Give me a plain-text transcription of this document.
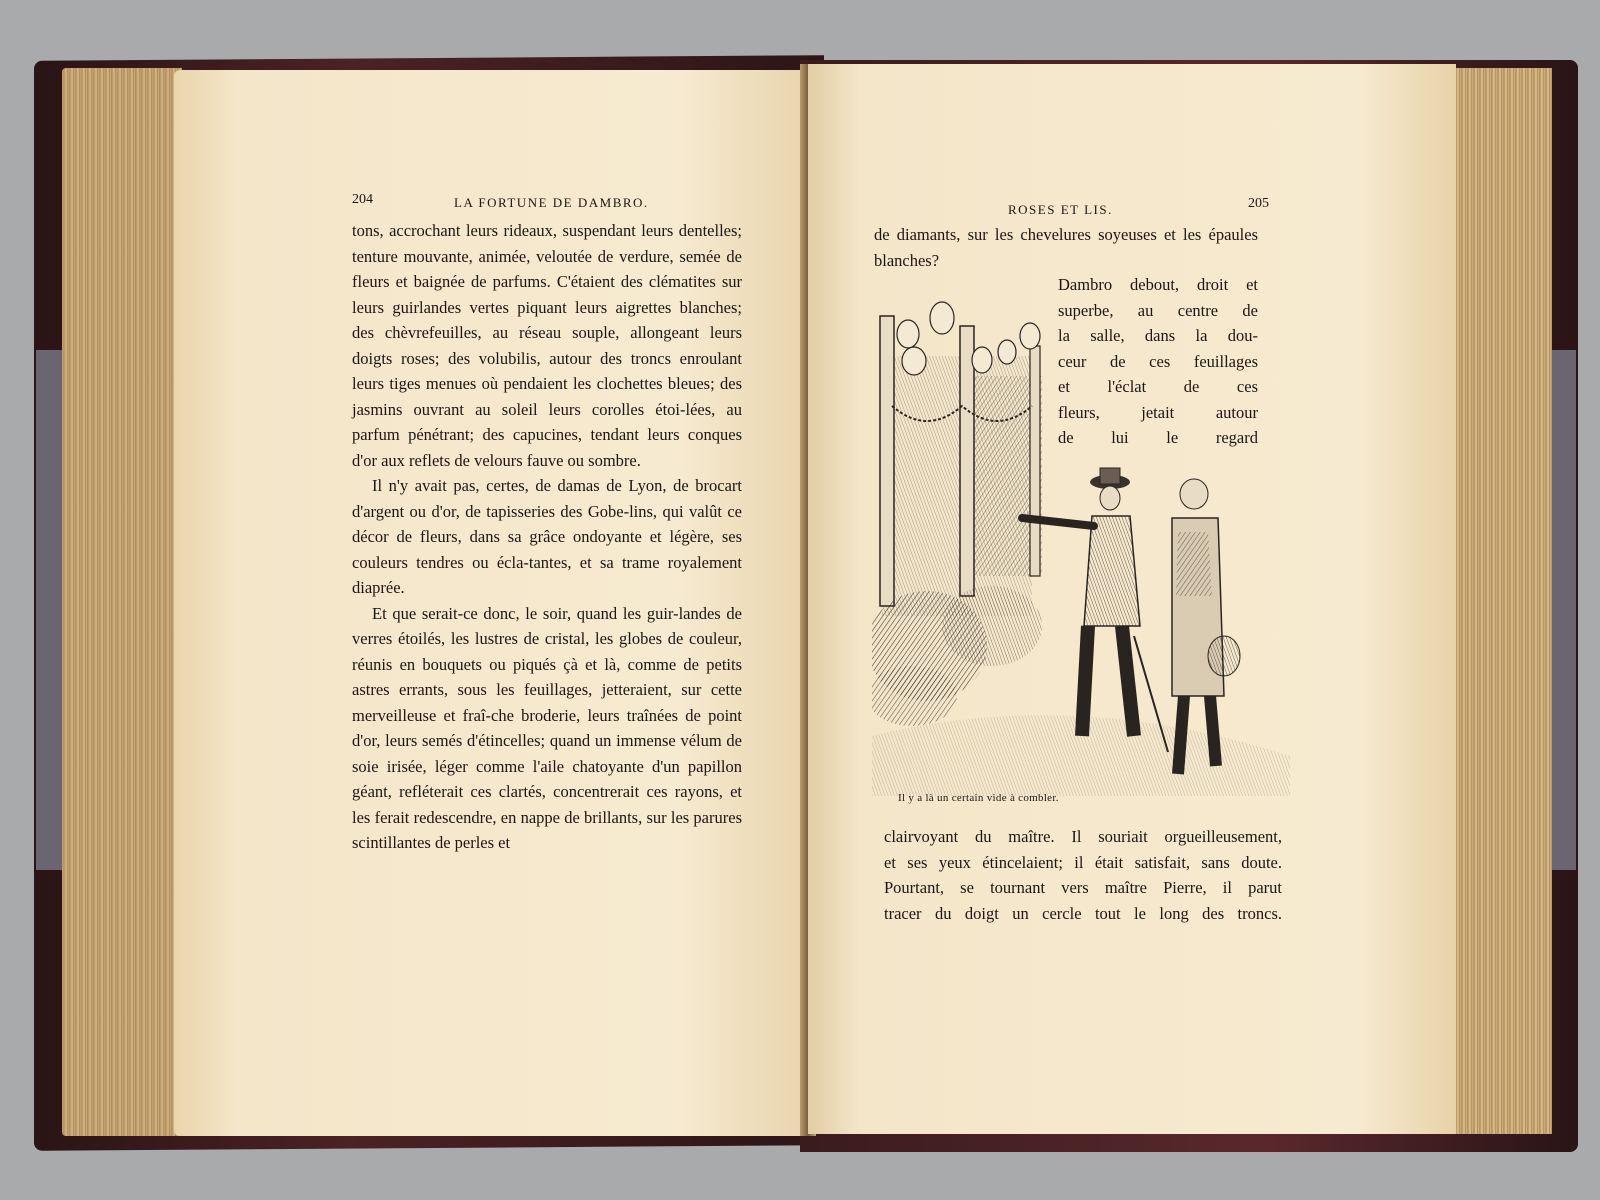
204	LA FORTUNE DE DAMBRO.

tons, accrochant leurs rideaux, suspendant leurs dentelles; tenture mouvante, animée, veloutée de verdure, semée de fleurs et baignée de parfums. C'étaient des clématites sur leurs guirlandes vertes piquant leurs aigrettes blanches; des chèvrefeuilles, au réseau souple, allongeant leurs doigts roses; des volubilis, autour des troncs enroulant leurs tiges menues où pendaient les clochettes bleues; des jasmins ouvrant au soleil leurs corolles étoi-lées, au parfum pénétrant; des capucines, tendant leurs conques d'or aux reflets de velours fauve ou sombre.

Il n'y avait pas, certes, de damas de Lyon, de brocart d'argent ou d'or, de tapisseries des Gobe-lins, qui valût ce décor de fleurs, dans sa grâce ondoyante et légère, ses couleurs tendres ou écla-tantes, et sa trame royalement diaprée.

Et que serait-ce donc, le soir, quand les guir-landes de verres étoilés, les lustres de cristal, les globes de couleur, réunis en bouquets ou piqués çà et là, comme de petits astres errants, sous les feuillages, jetteraient, sur cette merveilleuse et fraî-che broderie, leurs traînées de point d'or, leurs semés d'étincelles; quand un immense vélum de soie irisée, léger comme l'aile chatoyante d'un papillon géant, refléterait ces clartés, concentrerait ces rayons, et les ferait redescendre, en nappe de brillants, sur les parures scintillantes de perles et

ROSES ET LIS.	205
de diamants, sur les chevelures soyeuses et les épaules blanches?
Dambro debout, droit et
superbe, au centre de
la salle, dans la dou-
ceur de ces feuillages
et l'éclat de ces
fleurs, jetait autour
de lui le regard
Il y a là un certain vide à combler.
clairvoyant du maître. Il souriait orgueilleusement,
et ses yeux étincelaient; il était satisfait, sans doute.
Pourtant, se tournant vers maître Pierre, il parut
tracer du doigt un cercle tout le long des troncs.
